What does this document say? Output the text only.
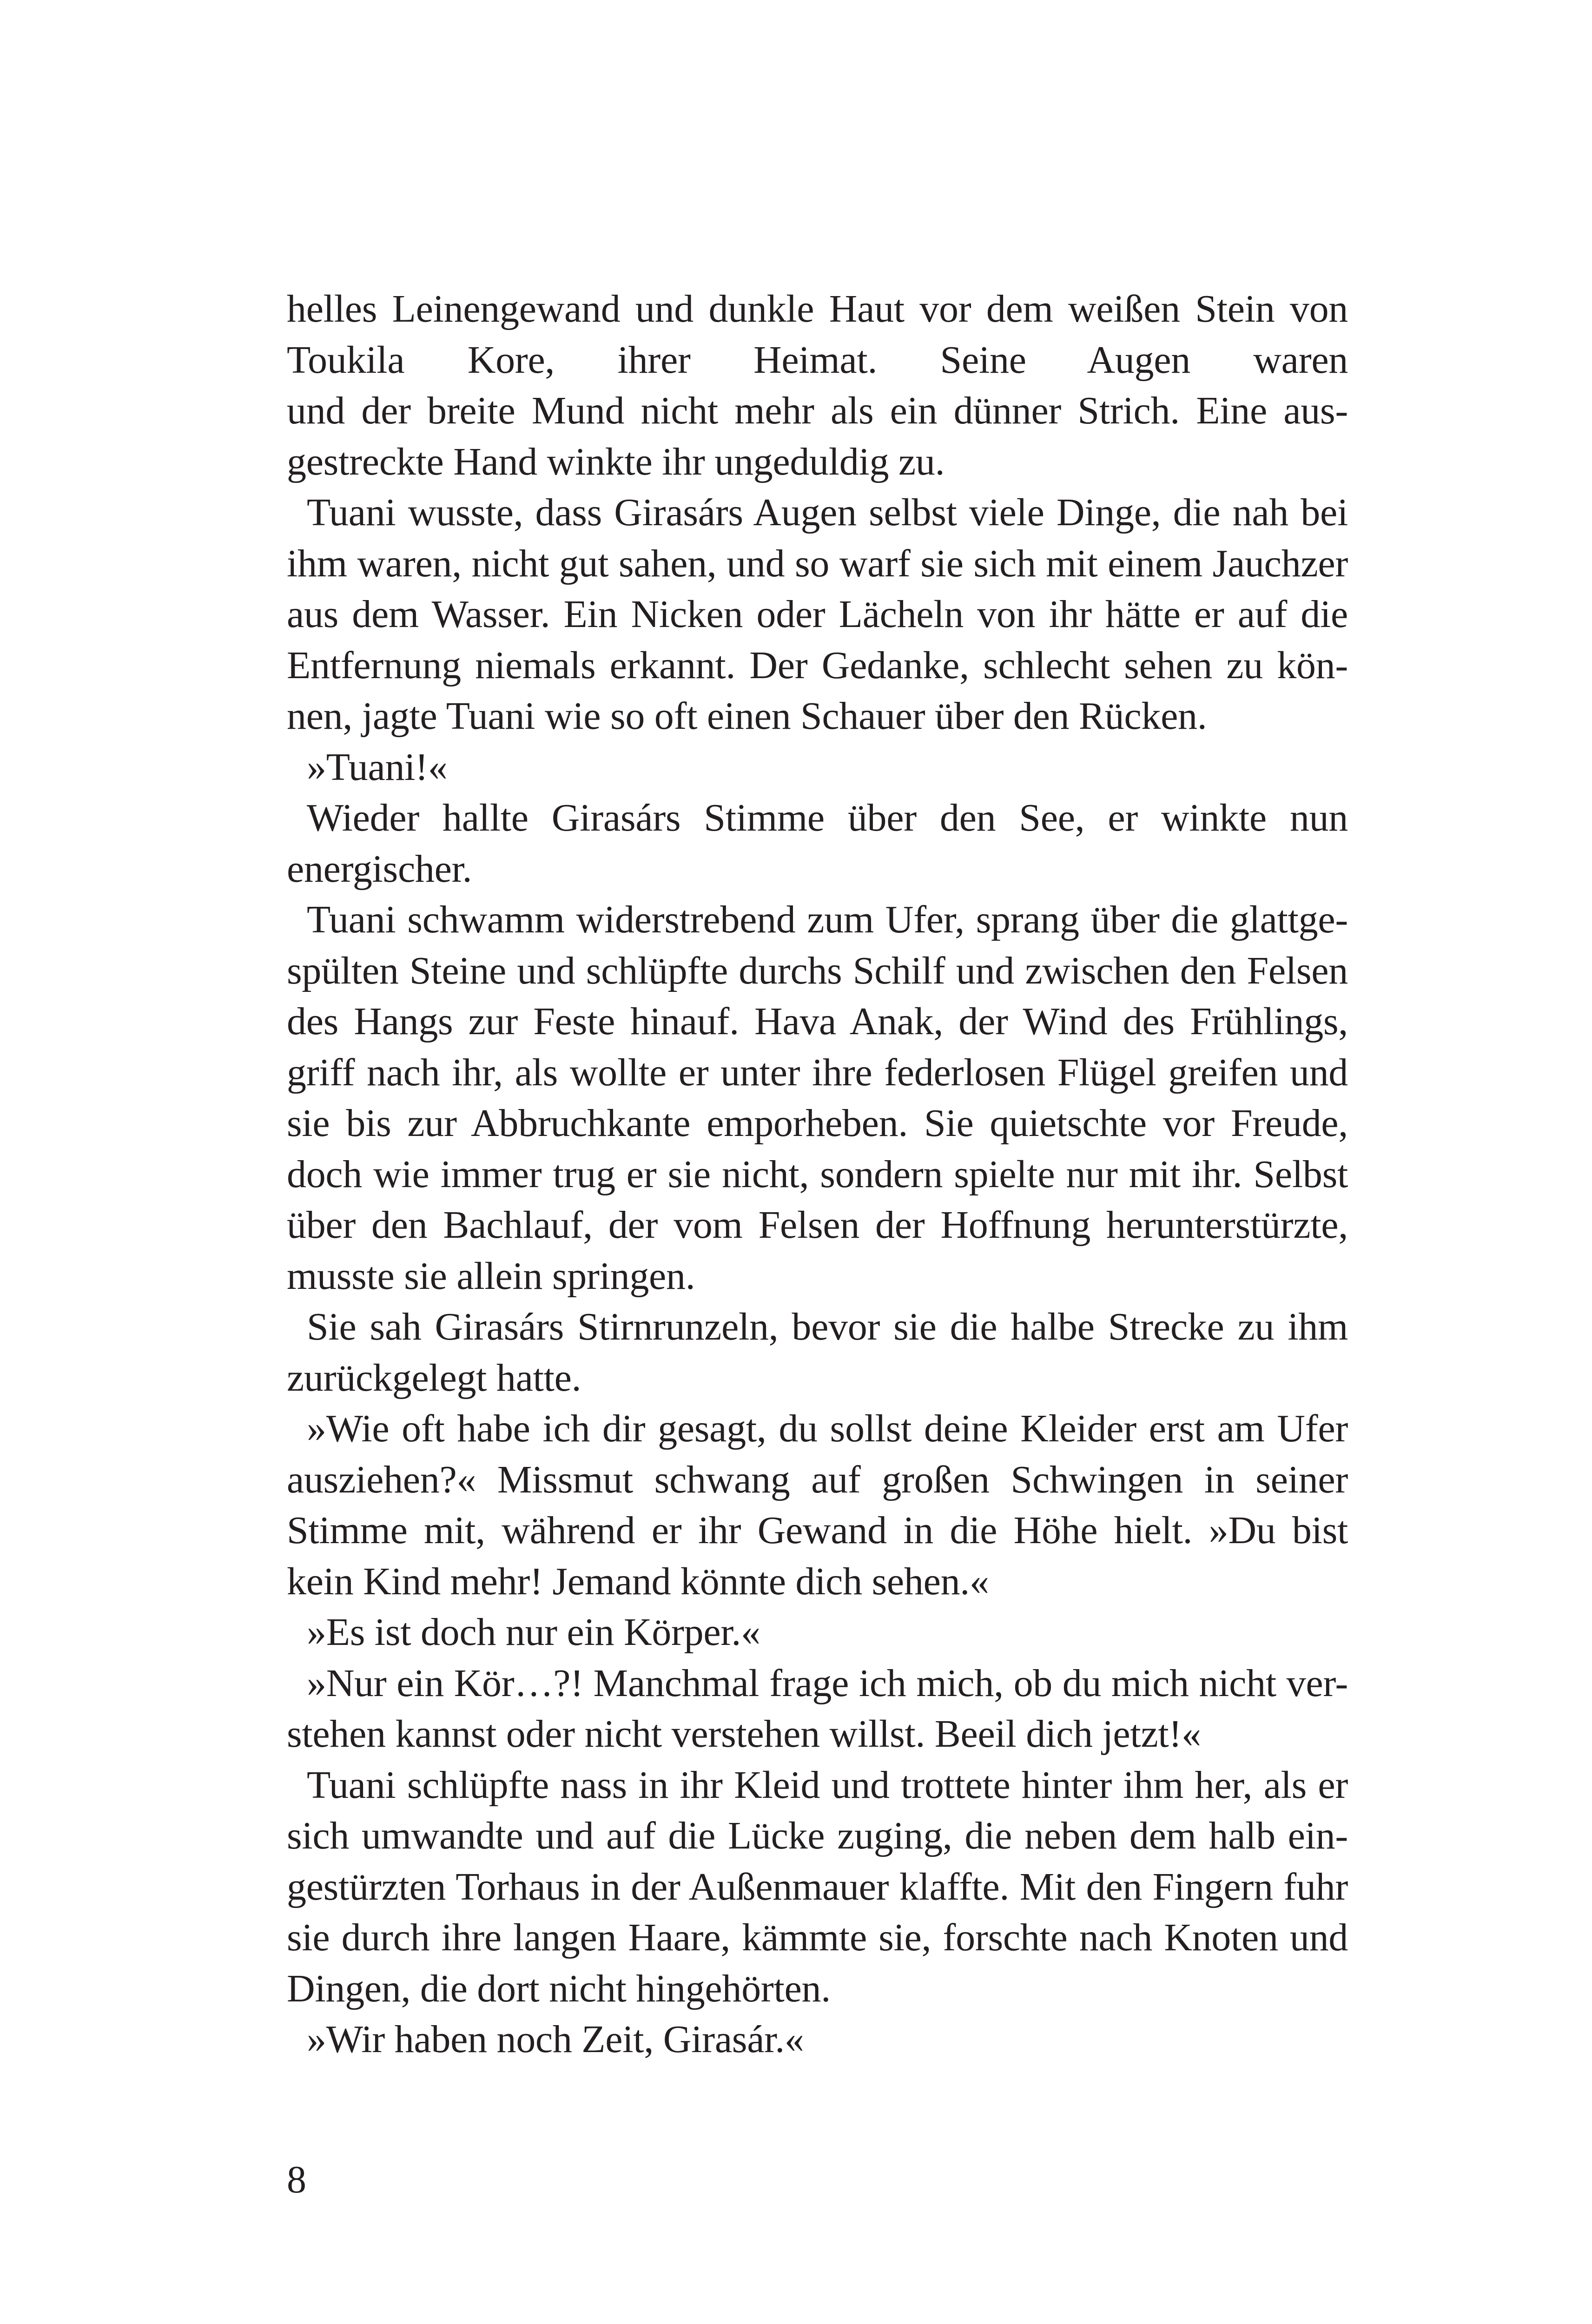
helles Leinengewand und dunkle Haut vor dem weißen Stein von
Toukila Kore, ihrer Heimat. Seine Augen waren
und der breite Mund nicht mehr als ein dünner Strich. Eine aus-
gestreckte Hand winkte ihr ungeduldig zu.
Tuani wusste, dass Girasárs Augen selbst viele Dinge, die nah bei
ihm waren, nicht gut sahen, und so warf sie sich mit einem Jauchzer
aus dem Wasser. Ein Nicken oder Lächeln von ihr hätte er auf die
Entfernung niemals erkannt. Der Gedanke, schlecht sehen zu kön-
nen, jagte Tuani wie so oft einen Schauer über den Rücken.
»Tuani!«
Wieder hallte Girasárs Stimme über den See, er winkte nun
energischer.
Tuani schwamm widerstrebend zum Ufer, sprang über die glattge-
spülten Steine und schlüpfte durchs Schilf und zwischen den Felsen
des Hangs zur Feste hinauf. Hava Anak, der Wind des Frühlings,
griff nach ihr, als wollte er unter ihre federlosen Flügel greifen und
sie bis zur Abbruchkante emporheben. Sie quietschte vor Freude,
doch wie immer trug er sie nicht, sondern spielte nur mit ihr. Selbst
über den Bachlauf, der vom Felsen der Hoffnung herunterstürzte,
musste sie allein springen.
Sie sah Girasárs Stirnrunzeln, bevor sie die halbe Strecke zu ihm
zurückgelegt hatte.
»Wie oft habe ich dir gesagt, du sollst deine Kleider erst am Ufer
ausziehen?« Missmut schwang auf großen Schwingen in seiner
Stimme mit, während er ihr Gewand in die Höhe hielt. »Du bist
kein Kind mehr! Jemand könnte dich sehen.«
»Es ist doch nur ein Körper.«
»Nur ein Kör…?! Manchmal frage ich mich, ob du mich nicht ver-
stehen kannst oder nicht verstehen willst. Beeil dich jetzt!«
Tuani schlüpfte nass in ihr Kleid und trottete hinter ihm her, als er
sich umwandte und auf die Lücke zuging, die neben dem halb ein-
gestürzten Torhaus in der Außenmauer klaffte. Mit den Fingern fuhr
sie durch ihre langen Haare, kämmte sie, forschte nach Knoten und
Dingen, die dort nicht hingehörten.
»Wir haben noch Zeit, Girasár.«
8
